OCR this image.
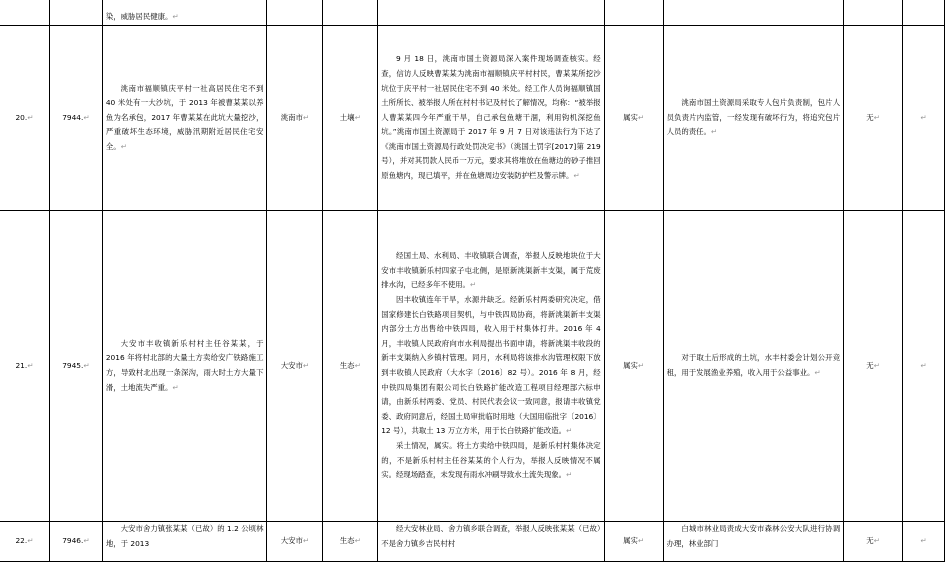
		染，威胁居民健康。↵							
20.↵	7944.↵	洮南市福顺镇庆平村一社高居民住宅不到 40 米处有一大沙坑，于 2013 年被曹某某以养鱼为名承包，2017 年曹某某在此坑大量挖沙，严重破坏生态环境，威胁汛期附近居民住宅安全。↵	洮南市↵	土壤↵	9 月 18 日，洮南市国土资源局深入案件现场调查核实。经查，信访人反映曹某某为洮南市福顺镇庆平村村民，曹某某所挖沙坑位于庆平村一社居民住宅不到 40 米处。经工作人员询福顺镇国土所所长、被举报人所在村村书记及村长了解情况，均称：“被举报人曹某某四今年严重干旱，自己承包鱼塘干涸，利用钩机深挖鱼坑。”洮南市国土资源局于 2017 年 9 月 7 日对该违法行为下达了《洮南市国土资源局行政处罚决定书》（洮国土罚字[2017]第 219 号），并对其罚款人民币一万元，要求其将堆放在鱼塘边的砂子推回原鱼塘内，现已填平，并在鱼塘周边安装防护栏及警示牌。↵	属实↵	洮南市国土资源局采取专人包片负责制，包片人员负责片内监管，一经发现有破坏行为，将追究包片人员的责任。↵	无↵	↵
21.↵	7945.↵	大安市丰收镇新乐村村主任谷某某，于 2016 年将村北部的大量土方卖给安广铁路施工方，导致村北出现一条深沟，雨大时土方大量下滑，土地流失严重。↵	大安市↵	生态↵	经国土局、水利局、丰收镇联合调查，举报人反映地块位于大安市丰收镇新乐村四家子屯北侧，是原新洮渠新丰支渠，属于荒废排水沟，已经多年不使用。↵

因丰收镇连年干旱，水源井缺乏。经新乐村两委研究决定，借国家修建长白铁路项目契机，与中铁四局协商，将新洮渠新丰支渠内部分土方出售给中铁四局，收入用于村集体打井。2016 年 4 月，丰收镇人民政府向市水利局提出书面申请，将新洮渠丰收段的新丰支渠纳入乡镇村管理。同月，水利局将该排水沟管理权限下放到丰收镇人民政府（大水字〔2016〕82 号）。2016 年 8 月，经中铁四局集团有限公司长白铁路扩能改造工程项目经理部六标申请，由新乐村两委、党员、村民代表会议一致同意，报请丰收镇党委、政府同意后，经国土局审批临时用地（大国用临批字〔2016〕12 号），共取土 13 万立方米，用于长白铁路扩能改造。↵

采土情况，属实。将土方卖给中铁四局，是新乐村村集体决定的，不是新乐村村主任谷某某的个人行为，举报人反映情况不属实。经现场踏查，未发现有雨水冲刷导致水土流失现象。↵	属实↵	对于取土后形成的土坑，水丰村委会计划公开竞租，用于发展渔业养殖，收入用于公益事业。↵	无↵	↵
22.↵	7946.↵	大安市舍力镇张某某（已故）的 1.2 公顷林地，于 2013	大安市↵	生态↵	经大安林业局、舍力镇乡联合调查，举报人反映张某某（已故）不是舍力镇乡吉民村村	属实↵	白城市林业局责成大安市森林公安大队进行协调办理，林业部门	无↵	↵
